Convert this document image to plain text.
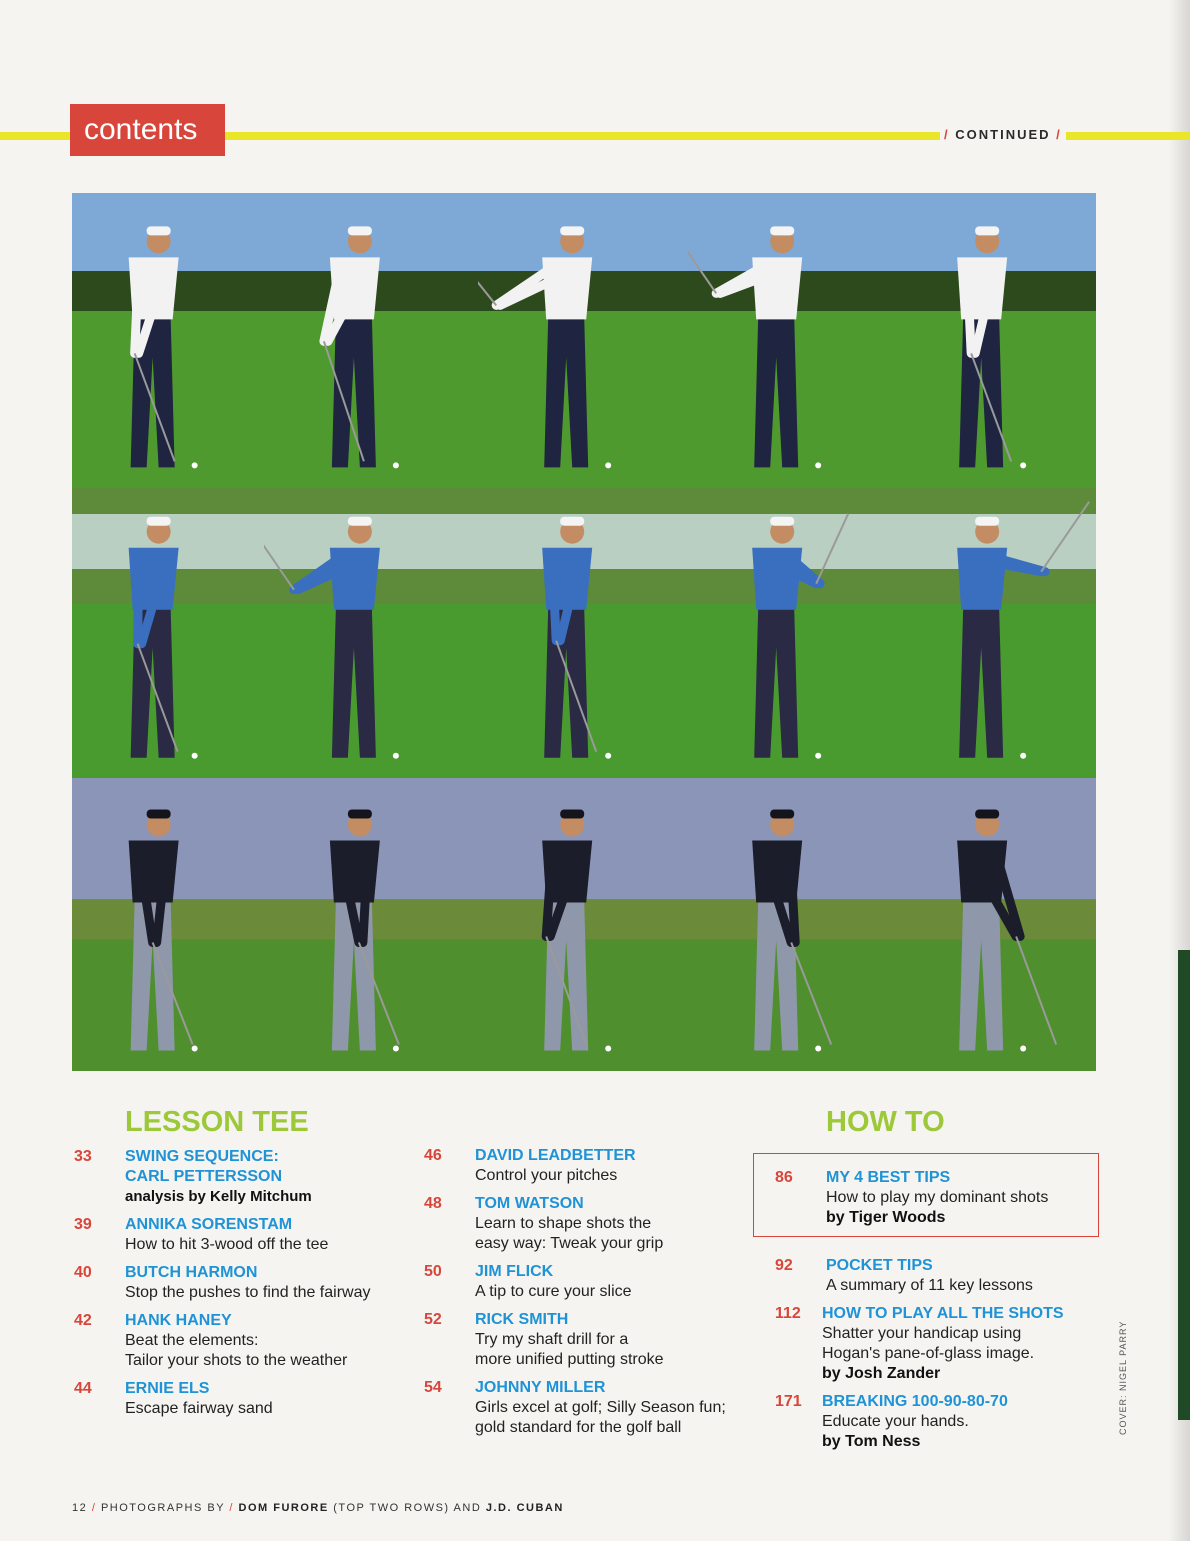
contents	/ CONTINUED /
LESSON TEE	HOW TO
33 SWING SEQUENCE:
CARL PETTERSSON
analysis by Kelly Mitchum
39 ANNIKA SORENSTAM
How to hit 3-wood off the tee
40 BUTCH HARMON
Stop the pushes to find the fairway
42 HANK HANEY
Beat the elements:
Tailor your shots to the weather
44 ERNIE ELS
Escape fairway sand
46 DAVID LEADBETTER
Control your pitches
48 TOM WATSON
Learn to shape shots the
easy way: Tweak your grip
50 JIM FLICK
A tip to cure your slice
52 RICK SMITH
Try my shaft drill for a
more unified putting stroke
54 JOHNNY MILLER
Girls excel at golf; Silly Season fun;
gold standard for the golf ball
86 MY 4 BEST TIPS
How to play my dominant shots
by Tiger Woods
92 POCKET TIPS
A summary of 11 key lessons
112 HOW TO PLAY ALL THE SHOTS
Shatter your handicap using
Hogan's pane-of-glass image.
by Josh Zander
171 BREAKING 100-90-80-70
Educate your hands.
by Tom Ness
COVER: NIGEL PARRY
12 / PHOTOGRAPHS BY / DOM FURORE (TOP TWO ROWS) AND J.D. CUBAN
